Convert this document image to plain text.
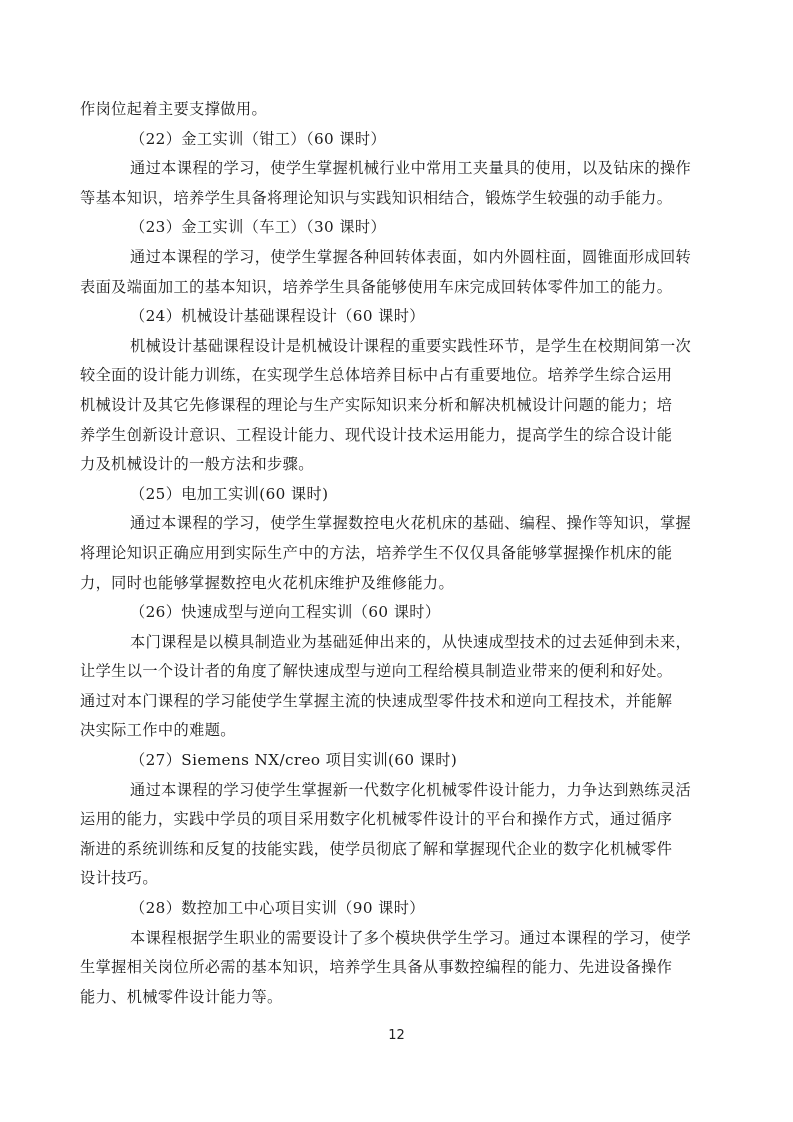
作岗位起着主要支撑做用。
（22）金工实训（钳工）（60 课时）
通过本课程的学习，使学生掌握机械行业中常用工夹量具的使用，以及钻床的操作
等基本知识，培养学生具备将理论知识与实践知识相结合，锻炼学生较强的动手能力。
（23）金工实训（车工）（30 课时）
通过本课程的学习，使学生掌握各种回转体表面，如内外圆柱面，圆锥面形成回转
表面及端面加工的基本知识，培养学生具备能够使用车床完成回转体零件加工的能力。
（24）机械设计基础课程设计（60 课时）
机械设计基础课程设计是机械设计课程的重要实践性环节，是学生在校期间第一次
较全面的设计能力训练，在实现学生总体培养目标中占有重要地位。培养学生综合运用
机械设计及其它先修课程的理论与生产实际知识来分析和解决机械设计问题的能力；培
养学生创新设计意识、工程设计能力、现代设计技术运用能力，提高学生的综合设计能
力及机械设计的一般方法和步骤。
（25）电加工实训(60 课时)
通过本课程的学习，使学生掌握数控电火花机床的基础、编程、操作等知识，掌握
将理论知识正确应用到实际生产中的方法，培养学生不仅仅具备能够掌握操作机床的能
力，同时也能够掌握数控电火花机床维护及维修能力。
（26）快速成型与逆向工程实训（60 课时）
本门课程是以模具制造业为基础延伸出来的，从快速成型技术的过去延伸到未来，
让学生以一个设计者的角度了解快速成型与逆向工程给模具制造业带来的便利和好处。
通过对本门课程的学习能使学生掌握主流的快速成型零件技术和逆向工程技术，并能解
决实际工作中的难题。
（27）Siemens NX/creo 项目实训(60 课时)
通过本课程的学习使学生掌握新一代数字化机械零件设计能力，力争达到熟练灵活
运用的能力，实践中学员的项目采用数字化机械零件设计的平台和操作方式，通过循序
渐进的系统训练和反复的技能实践，使学员彻底了解和掌握现代企业的数字化机械零件
设计技巧。
（28）数控加工中心项目实训（90 课时）
本课程根据学生职业的需要设计了多个模块供学生学习。通过本课程的学习，使学
生掌握相关岗位所必需的基本知识，培养学生具备从事数控编程的能力、先进设备操作
能力、机械零件设计能力等。
12
